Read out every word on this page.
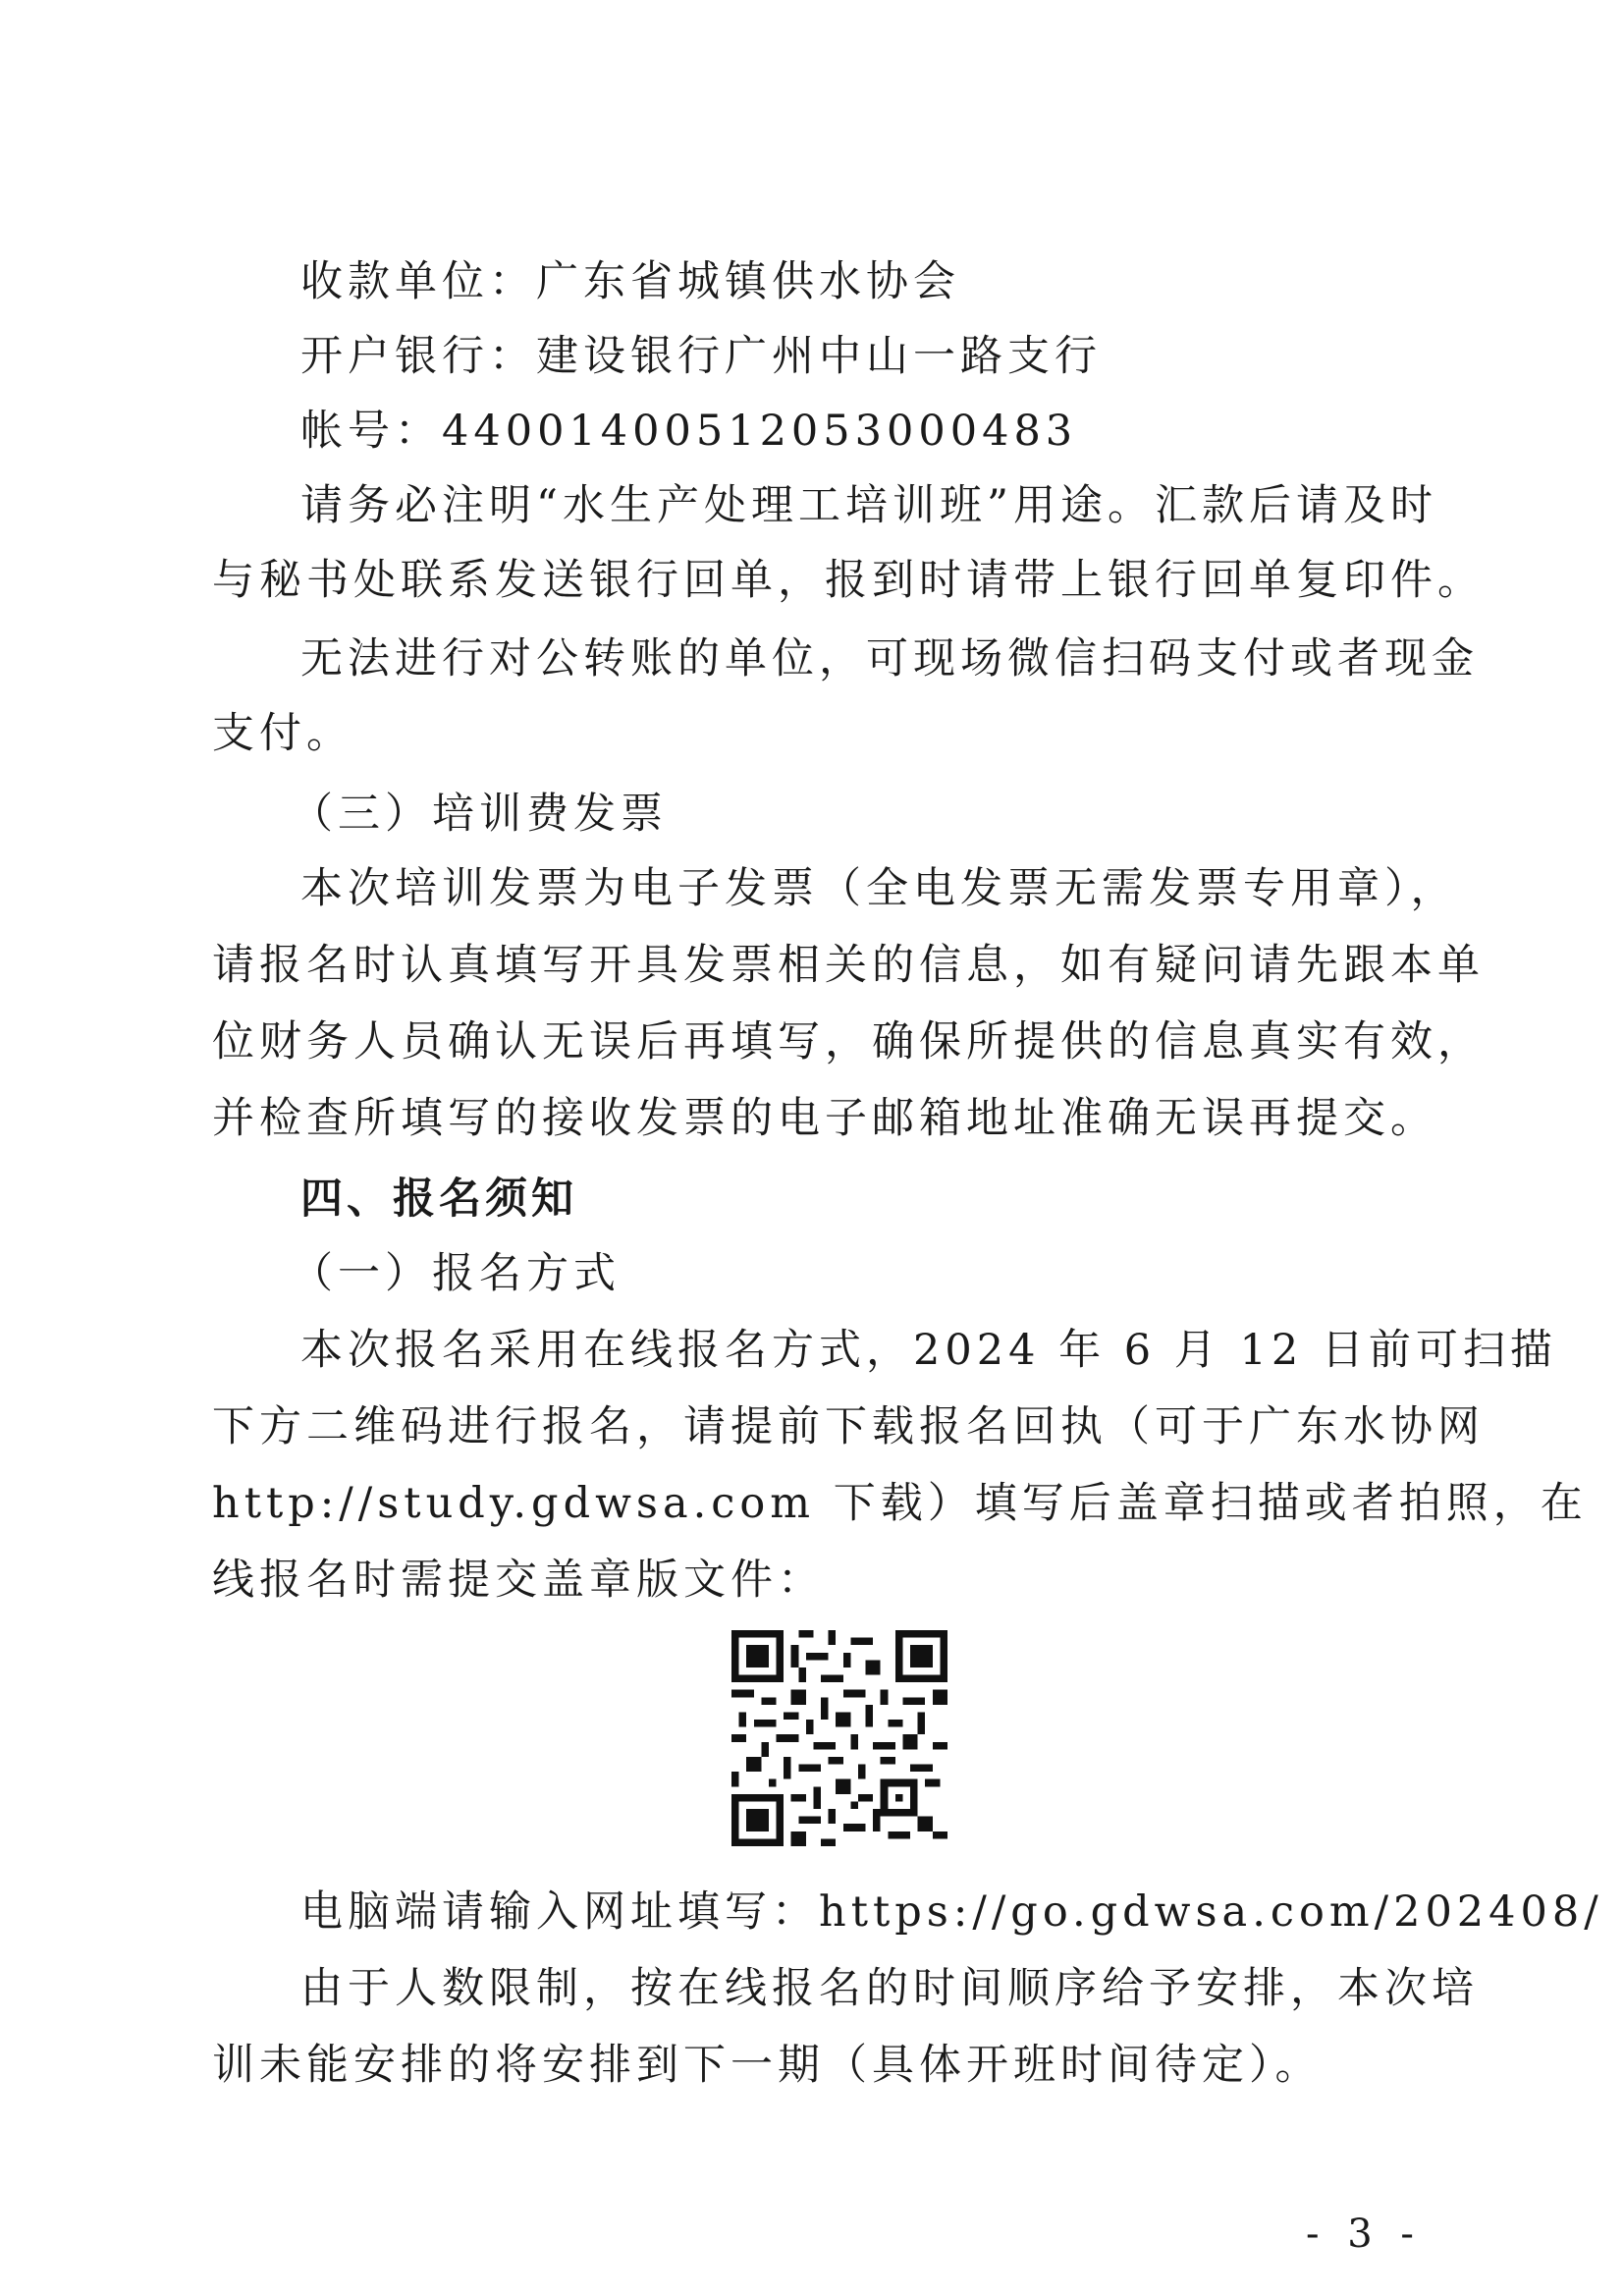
收款单位：广东省城镇供水协会
开户银行：建设银行广州中山一路支行
帐号：44001400512053000483
请务必注明“水生产处理工培训班”用途。汇款后请及时
与秘书处联系发送银行回单，报到时请带上银行回单复印件。
无法进行对公转账的单位，可现场微信扫码支付或者现金
支付。
（三）培训费发票
本次培训发票为电子发票（全电发票无需发票专用章），
请报名时认真填写开具发票相关的信息，如有疑问请先跟本单
位财务人员确认无误后再填写，确保所提供的信息真实有效，
并检查所填写的接收发票的电子邮箱地址准确无误再提交。
四、报名须知
（一）报名方式
本次报名采用在线报名方式，2024 年 6 月 12 日前可扫描
下方二维码进行报名，请提前下载报名回执（可于广东水协网
http://study.gdwsa.com 下载）填写后盖章扫描或者拍照，在
线报名时需提交盖章版文件：
电脑端请输入网址填写：https://go.gdwsa.com/202408/
由于人数限制，按在线报名的时间顺序给予安排，本次培
训未能安排的将安排到下一期（具体开班时间待定）。
- 3 -
